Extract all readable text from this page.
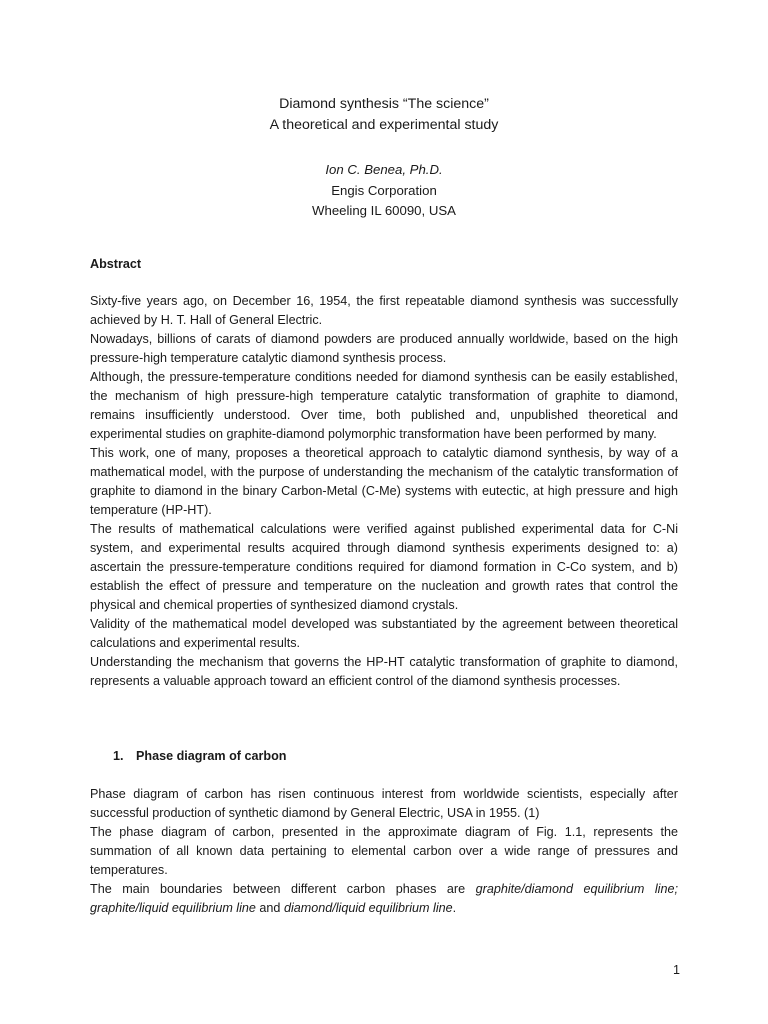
Diamond synthesis “The science”
A theoretical and experimental study
Ion C. Benea, Ph.D.
Engis Corporation
Wheeling IL 60090, USA
Abstract

Sixty-five years ago, on December 16, 1954, the first repeatable diamond synthesis was successfully achieved by H. T. Hall of General Electric.

Nowadays, billions of carats of diamond powders are produced annually worldwide, based on the high pressure-high temperature catalytic diamond synthesis process.

Although, the pressure-temperature conditions needed for diamond synthesis can be easily established, the mechanism of high pressure-high temperature catalytic transformation of graphite to diamond, remains insufficiently understood. Over time, both published and, unpublished theoretical and experimental studies on graphite-diamond polymorphic transformation have been performed by many.

This work, one of many, proposes a theoretical approach to catalytic diamond synthesis, by way of a mathematical model, with the purpose of understanding the mechanism of the catalytic transformation of graphite to diamond in the binary Carbon-Metal (C-Me) systems with eutectic, at high pressure and high temperature (HP-HT).

The results of mathematical calculations were verified against published experimental data for C-Ni system, and experimental results acquired through diamond synthesis experiments designed to: a) ascertain the pressure-temperature conditions required for diamond formation in C-Co system, and b) establish the effect of pressure and temperature on the nucleation and growth rates that control the physical and chemical properties of synthesized diamond crystals.

Validity of the mathematical model developed was substantiated by the agreement between theoretical calculations and experimental results.

Understanding the mechanism that governs the HP-HT catalytic transformation of graphite to diamond, represents a valuable approach toward an efficient control of the diamond synthesis processes.

1. Phase diagram of carbon

Phase diagram of carbon has risen continuous interest from worldwide scientists, especially after successful production of synthetic diamond by General Electric, USA in 1955. (1)

The phase diagram of carbon, presented in the approximate diagram of Fig. 1.1, represents the summation of all known data pertaining to elemental carbon over a wide range of pressures and temperatures.

The main boundaries between different carbon phases are graphite/diamond equilibrium line; graphite/liquid equilibrium line and diamond/liquid equilibrium line.

1
